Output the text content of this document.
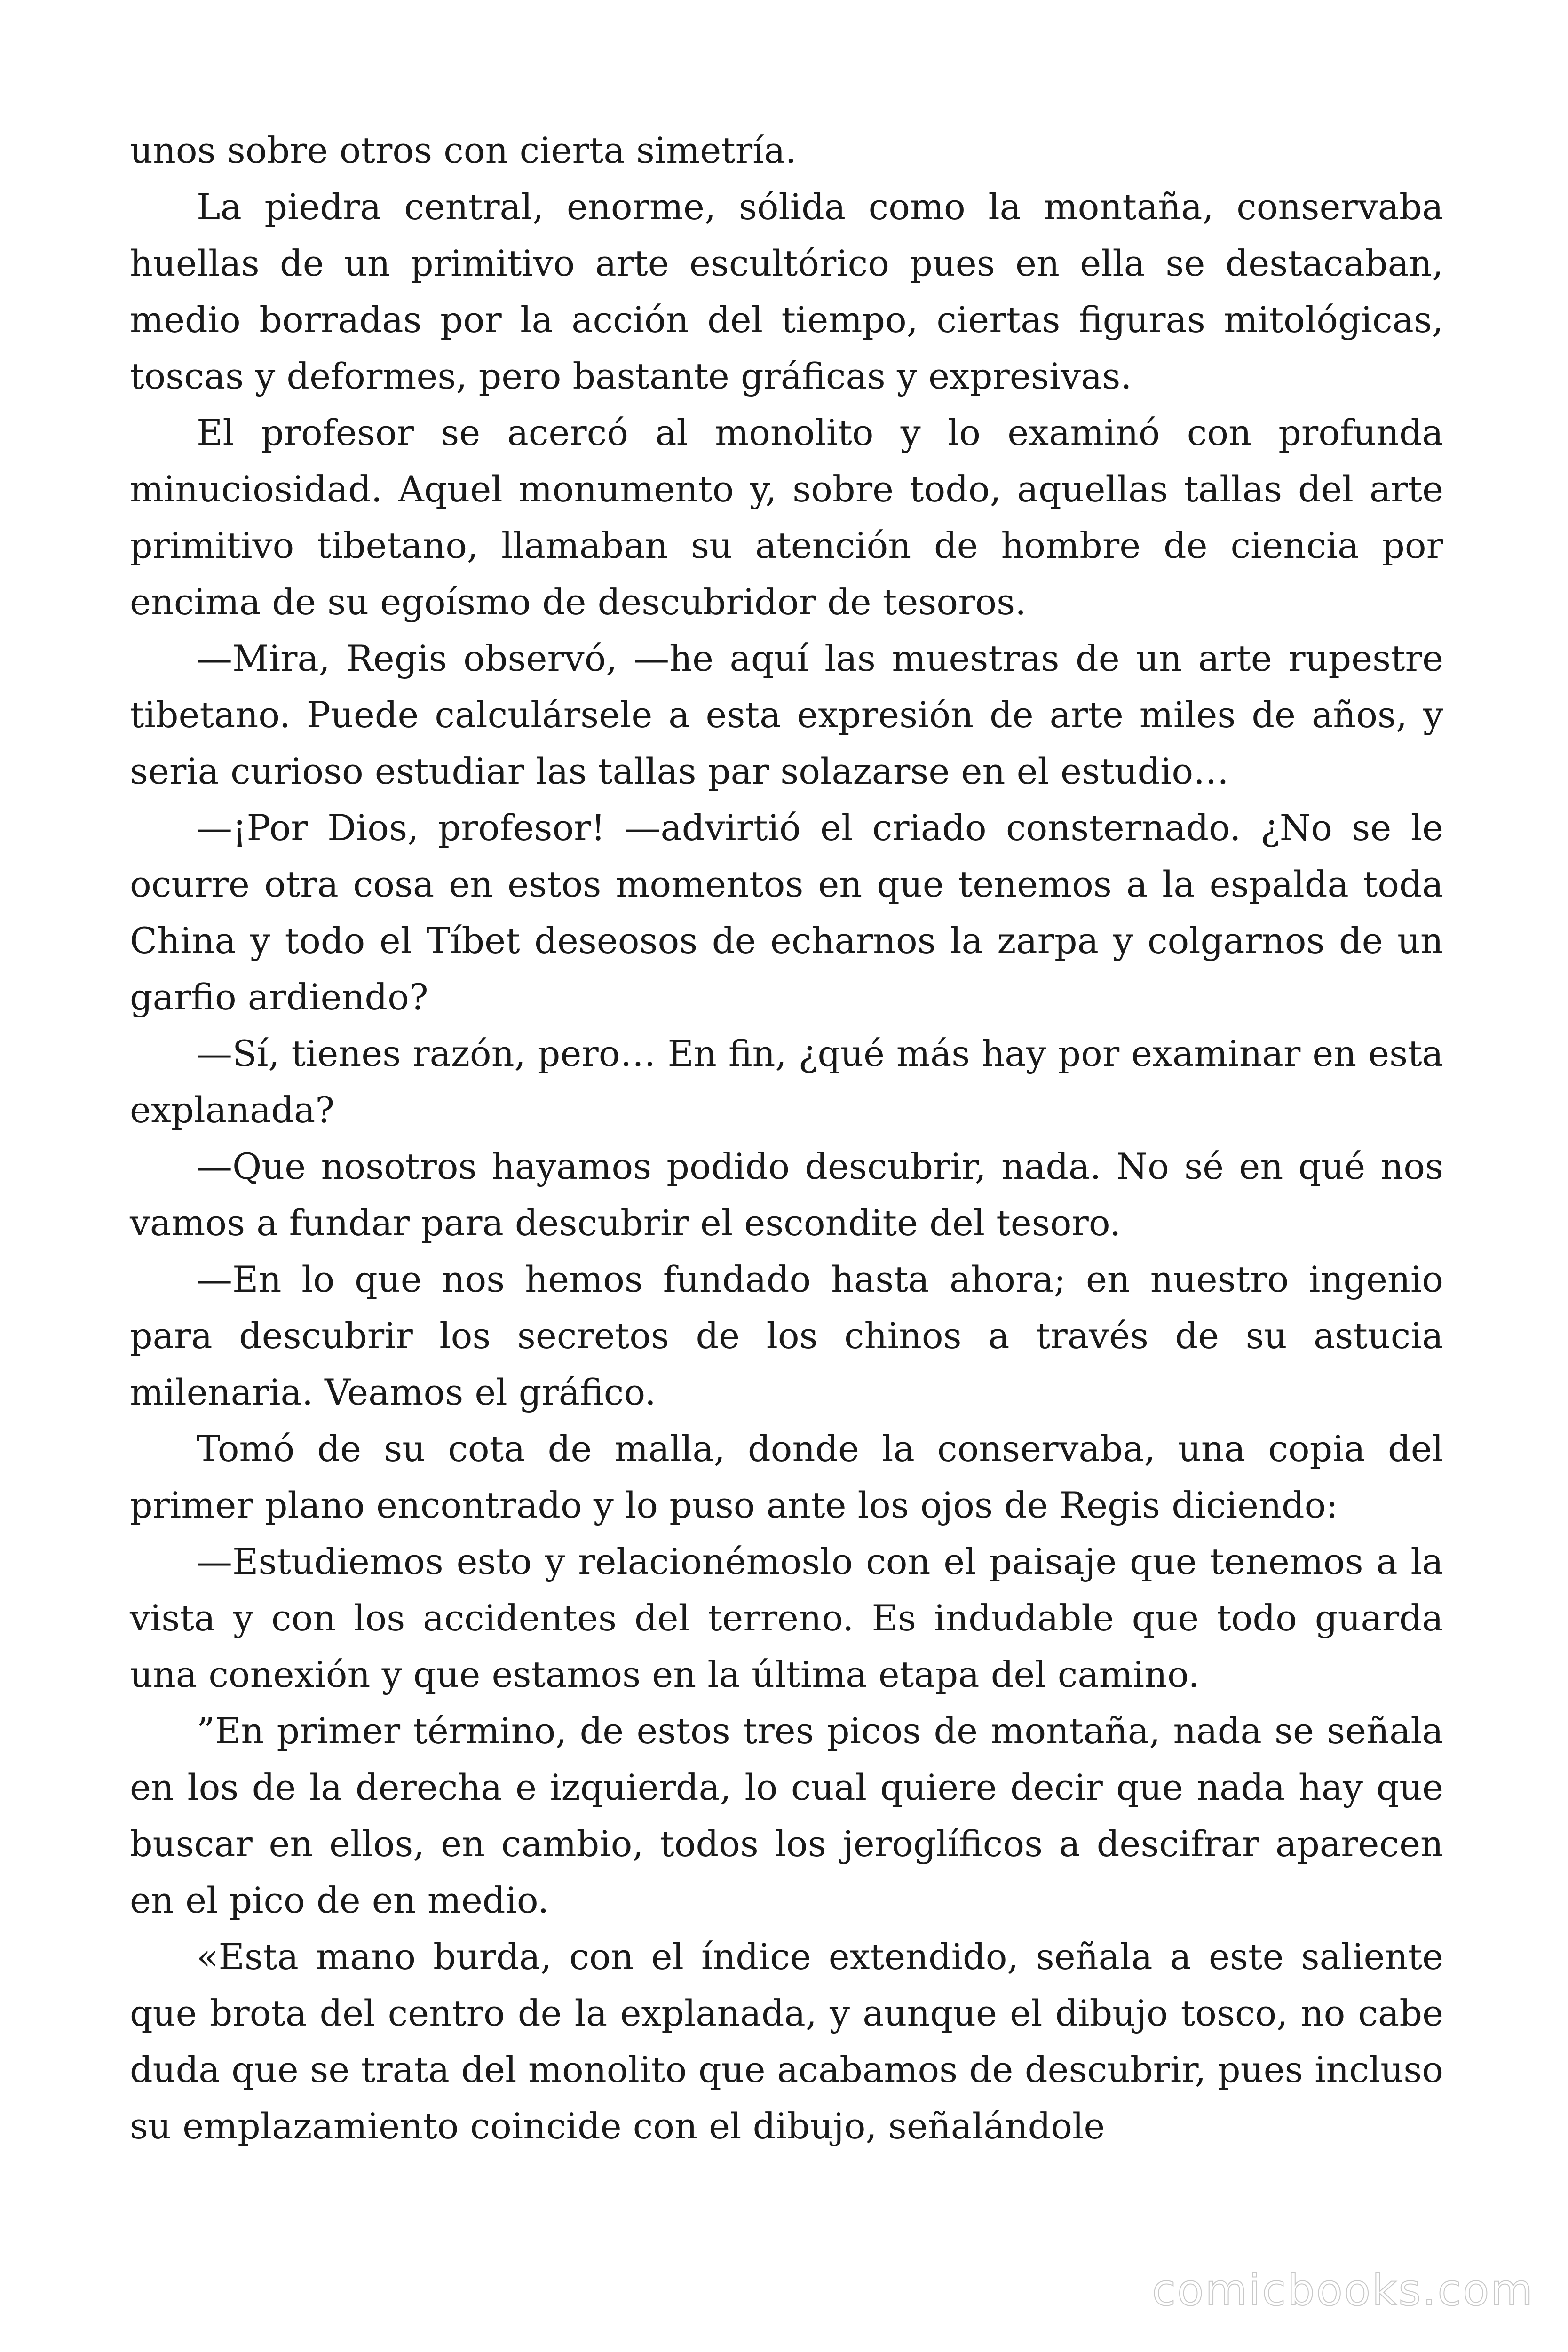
unos sobre otros con cierta simetría.

La piedra central, enorme, sólida como la montaña, conservaba huellas de un primitivo arte escultórico pues en ella se destacaban, medio borradas por la acción del tiempo, ciertas figuras mitológicas, toscas y deformes, pero bastante gráficas y expresivas.

El profesor se acercó al monolito y lo examinó con profunda minuciosidad. Aquel monumento y, sobre todo, aquellas tallas del arte primitivo tibetano, llamaban su atención de hombre de ciencia por encima de su egoísmo de descubridor de tesoros.

—Mira, Regis observó, —he aquí las muestras de un arte rupestre tibetano. Puede calculársele a esta expresión de arte miles de años, y seria curioso estudiar las tallas par solazarse en el estudio…

—¡Por Dios, profesor! —advirtió el criado consternado. ¿No se le ocurre otra cosa en estos momentos en que tenemos a la espalda toda China y todo el Tíbet deseosos de echarnos la zarpa y colgarnos de un garfio ardiendo?

—Sí, tienes razón, pero… En fin, ¿qué más hay por examinar en esta explanada?

—Que nosotros hayamos podido descubrir, nada. No sé en qué nos vamos a fundar para descubrir el escondite del tesoro.

—En lo que nos hemos fundado hasta ahora; en nuestro ingenio para descubrir los secretos de los chinos a través de su astucia milenaria. Veamos el gráfico.

Tomó de su cota de malla, donde la conservaba, una copia del primer plano encontrado y lo puso ante los ojos de Regis diciendo:

—Estudiemos esto y relacionémoslo con el paisaje que tenemos a la vista y con los accidentes del terreno. Es indudable que todo guarda una conexión y que estamos en la última etapa del camino.

”En primer término, de estos tres picos de montaña, nada se señala en los de la derecha e izquierda, lo cual quiere decir que nada hay que buscar en ellos, en cambio, todos los jeroglíficos a descifrar aparecen en el pico de en medio.

«Esta mano burda, con el índice extendido, señala a este saliente que brota del centro de la explanada, y aunque el dibujo tosco, no cabe duda que se trata del monolito que acabamos de descubrir, pues incluso su emplazamiento coincide con el dibujo, señalándole

comicbooks.com
